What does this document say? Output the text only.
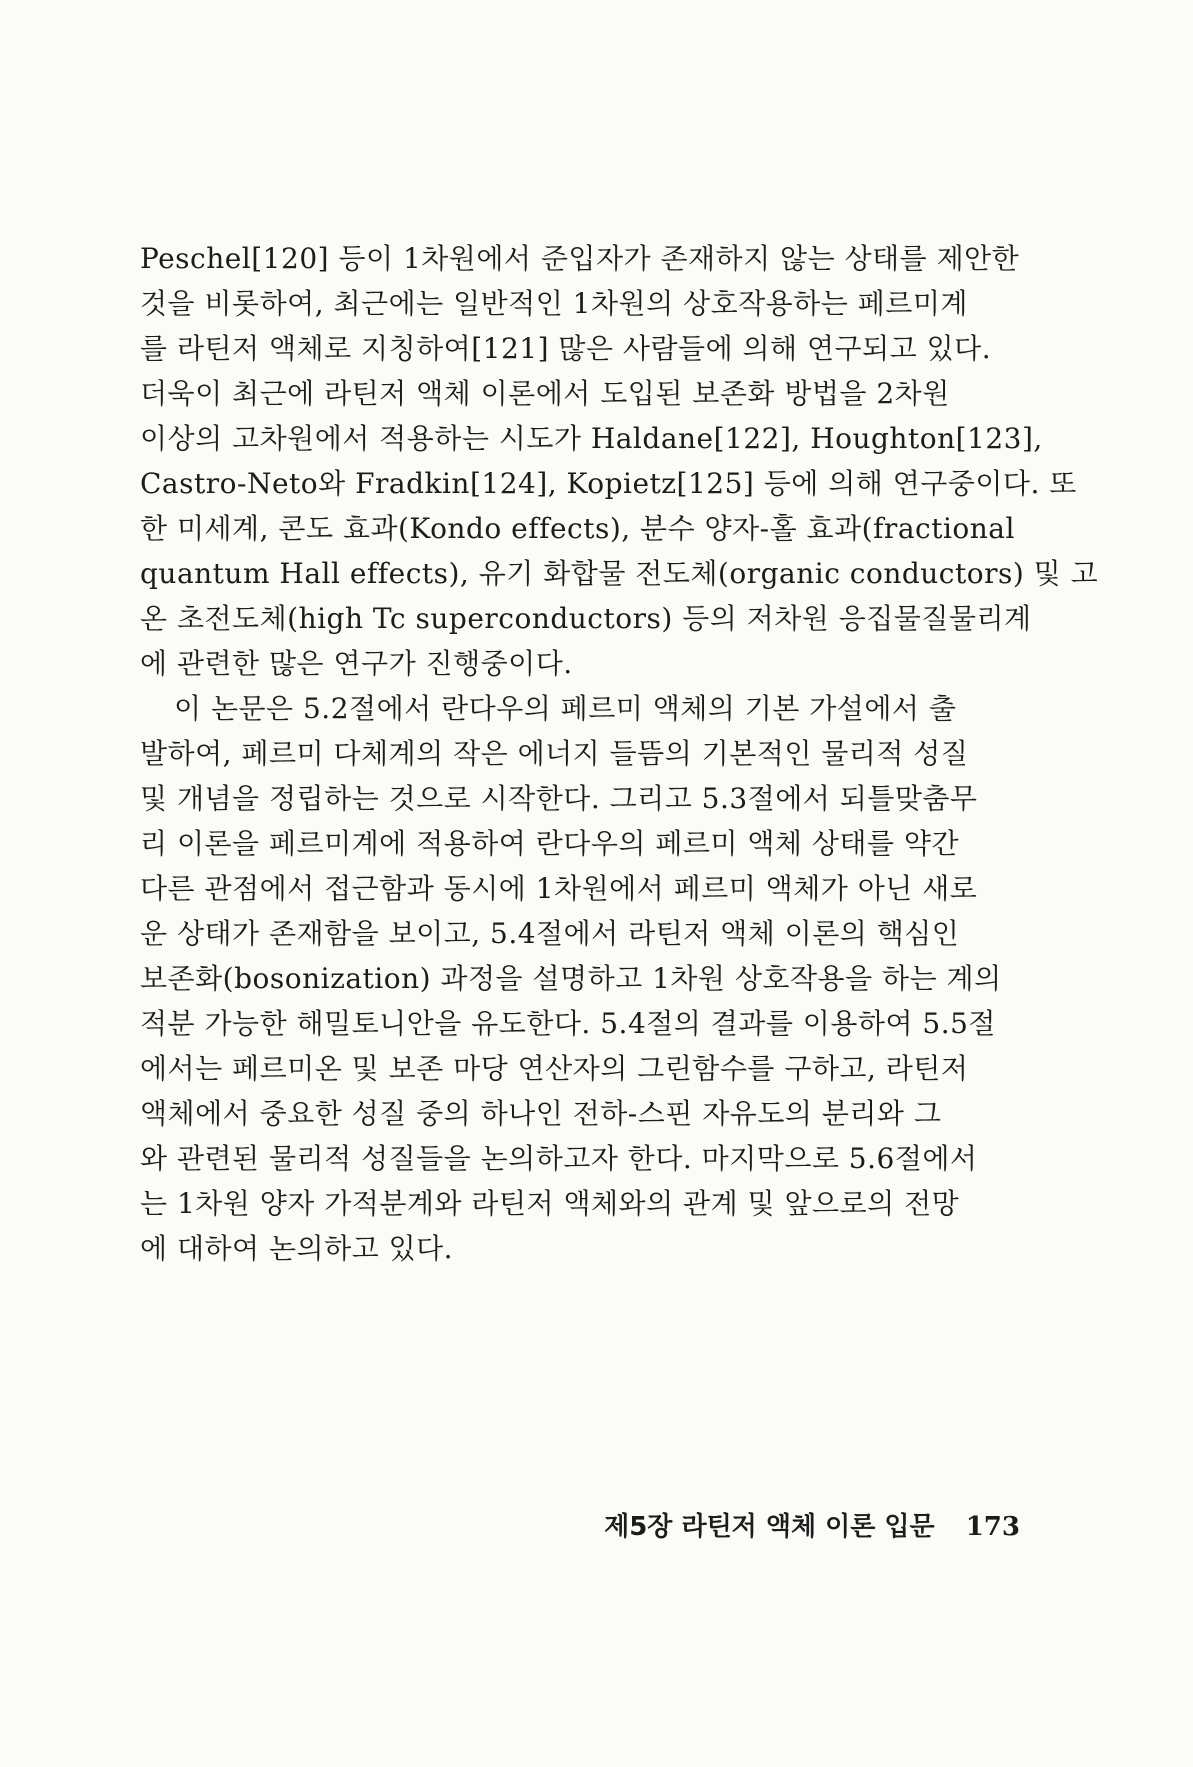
Peschel[120] 등이 1차원에서 준입자가 존재하지 않는 상태를 제안한
것을 비롯하여, 최근에는 일반적인 1차원의 상호작용하는 페르미계
를 라틴저 액체로 지칭하여[121] 많은 사람들에 의해 연구되고 있다.
더욱이 최근에 라틴저 액체 이론에서 도입된 보존화 방법을 2차원
이상의 고차원에서 적용하는 시도가 Haldane[122], Houghton[123],
Castro-Neto와 Fradkin[124], Kopietz[125] 등에 의해 연구중이다. 또
한 미세계, 콘도 효과(Kondo effects), 분수 양자-홀 효과(fractional
quantum Hall effects), 유기 화합물 전도체(organic conductors) 및 고
온 초전도체(high Tc superconductors) 등의 저차원 응집물질물리계
에 관련한 많은 연구가 진행중이다.
이 논문은 5.2절에서 란다우의 페르미 액체의 기본 가설에서 출
발하여, 페르미 다체계의 작은 에너지 들뜸의 기본적인 물리적 성질
및 개념을 정립하는 것으로 시작한다. 그리고 5.3절에서 되틀맞춤무
리 이론을 페르미계에 적용하여 란다우의 페르미 액체 상태를 약간
다른 관점에서 접근함과 동시에 1차원에서 페르미 액체가 아닌 새로
운 상태가 존재함을 보이고, 5.4절에서 라틴저 액체 이론의 핵심인
보존화(bosonization) 과정을 설명하고 1차원 상호작용을 하는 계의
적분 가능한 해밀토니안을 유도한다. 5.4절의 결과를 이용하여 5.5절
에서는 페르미온 및 보존 마당 연산자의 그린함수를 구하고, 라틴저
액체에서 중요한 성질 중의 하나인 전하-스핀 자유도의 분리와 그
와 관련된 물리적 성질들을 논의하고자 한다. 마지막으로 5.6절에서
는 1차원 양자 가적분계와 라틴저 액체와의 관계 및 앞으로의 전망
에 대하여 논의하고 있다.
제5장 라틴저 액체 이론 입문 173
